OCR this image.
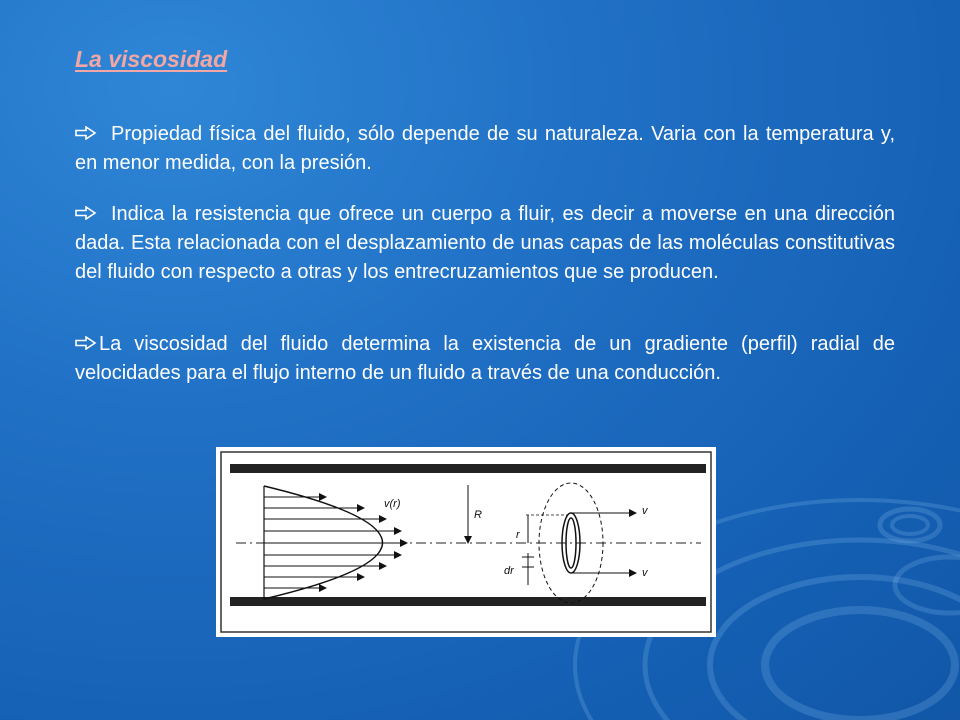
La viscosidad
Propiedad física del fluido, sólo depende de su naturaleza. Varia con la temperatura y, en menor medida, con la presión.
Indica la resistencia que ofrece un cuerpo a fluir, es decir a moverse en una dirección dada. Esta relacionada con el desplazamiento de unas capas de las moléculas constitutivas del fluido con respecto a otras y los entrecruzamientos que se producen.
La viscosidad del fluido determina la existencia de un gradiente (perfil) radial de velocidades para el flujo interno de un fluido a través de una conducción.
v(r)
R
r
dr
v
v
